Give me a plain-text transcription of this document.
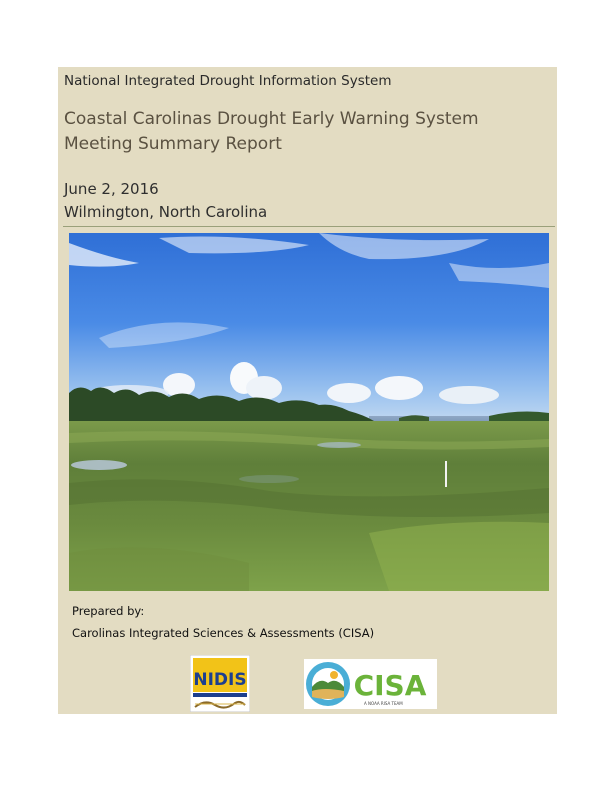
National Integrated Drought Information System
Coastal Carolinas Drought Early Warning System
Meeting Summary Report
June 2, 2016
Wilmington, North Carolina
Prepared by:
Carolinas Integrated Sciences & Assessments (CISA)
NIDIS	CISA
A NOAA RISA TEAM
